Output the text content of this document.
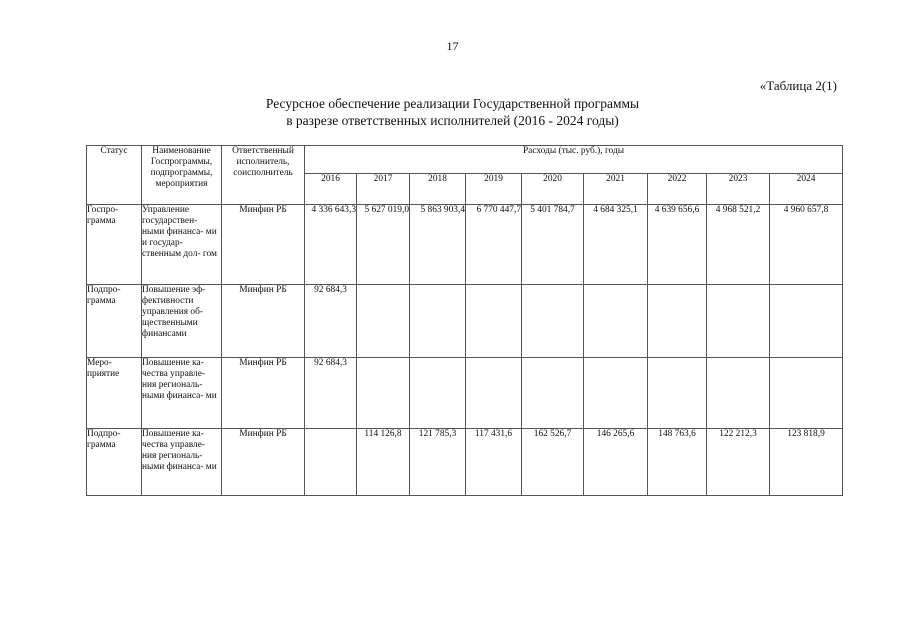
17
«Таблица 2(1)
Ресурсное обеспечение реализации Государственной программы
в разрезе ответственных исполнителей (2016 - 2024 годы)
Статус	Наименование Госпрограммы, подпрограммы, мероприятия	Ответственный исполнитель, соисполнитель	Расходы (тыс. руб.), годы								
			2016	2017	2018	2019	2020	2021	2022	2023	2024
Госпро- грамма	Управление государствен- ными финанса- ми и государ- ственным дол- гом	Минфин РБ	4 336 643,3	5 627 019,0	5 863 903,4	6 770 447,7	5 401 784,7	4 684 325,1	4 639 656,6	4 968 521,2	4 960 657,8
Подпро- грамма	Повышение эф- фективности управления об- щественными финансами	Минфин РБ	92 684,3								
Меро- приятие	Повышение ка- чества управле- ния региональ- ными финанса- ми	Минфин РБ	92 684,3								
Подпро- грамма	Повышение ка- чества управле- ния региональ- ными финанса- ми	Минфин РБ		114 126,8	121 785,3	117 431,6	162 526,7	146 265,6	148 763,6	122 212,3	123 818,9
